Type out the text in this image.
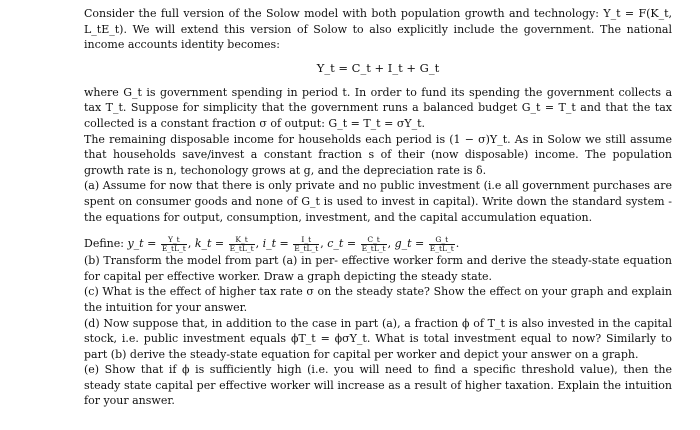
Consider the full version of the Solow model with both population growth and technology: Y_t = F(K_t, L_tE_t). We will extend this version of Solow to also explicitly include the government. The national income accounts identity becomes:

Y_t = C_t + I_t + G_t

where G_t is government spending in period t. In order to fund its spending the government collects a tax T_t. Suppose for simplicity that the government runs a balanced budget G_t = T_t and that the tax collected is a constant fraction σ of output: G_t = T_t = σY_t.

The remaining disposable income for households each period is (1 − σ)Y_t. As in Solow we still assume that households save/invest a constant fraction s of their (now disposable) income. The population growth rate is n, techonology grows at g, and the depreciation rate is δ.

(a) Assume for now that there is only private and no public investment (i.e all government purchases are spent on consumer goods and none of G_t is used to invest in capital). Write down the standard system - the equations for output, consumption, investment, and the capital accumulation equation.

Define: y_t = $\frac{Y\_t}{E\_tL\_t}$ , k_t = $\frac{K\_t}{E\_tL\_t}$ , i_t = $\frac{I\_t}{E\_tL\_t}$ , c_t = $\frac{C\_t}{E\_tL\_t}$ , g_t = $\frac{G\_t}{E\_tL\_t}$ .

(b) Transform the model from part (a) in per- effective worker form and derive the steady-state equation for capital per effective worker. Draw a graph depicting the steady state.

(c) What is the effect of higher tax rate σ on the steady state? Show the effect on your graph and explain the intuition for your answer.

(d) Now suppose that, in addition to the case in part (a), a fraction ϕ of T_t is also invested in the capital stock, i.e. public investment equals ϕT_t = ϕσY_t. What is total investment equal to now? Similarly to part (b) derive the steady-state equation for capital per worker and depict your answer on a graph.

(e) Show that if ϕ is sufficiently high (i.e. you will need to find a specific threshold value), then the steady state capital per effective worker will increase as a result of higher taxation. Explain the intuition for your answer.
